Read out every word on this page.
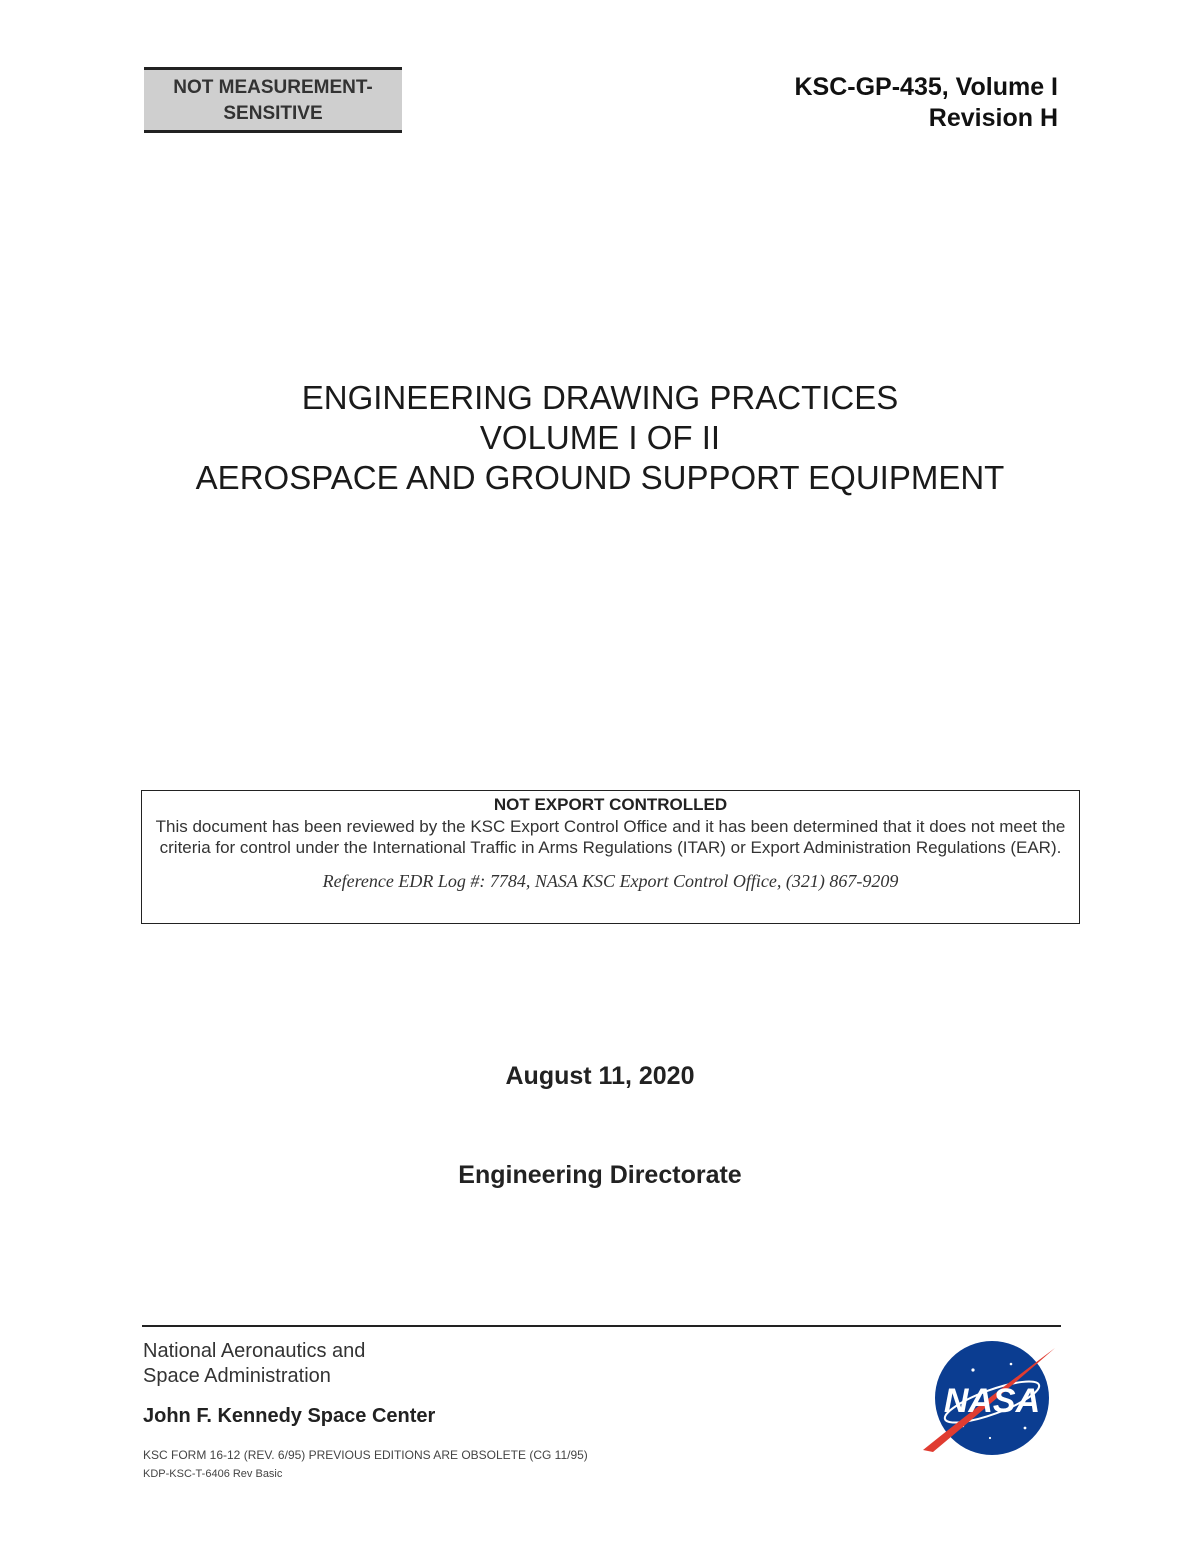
NOT MEASUREMENT-
SENSITIVE
KSC-GP-435, Volume I
Revision H
ENGINEERING DRAWING PRACTICES
VOLUME I OF II
AEROSPACE AND GROUND SUPPORT EQUIPMENT
NOT EXPORT CONTROLLED
This document has been reviewed by the KSC Export Control Office and it has been determined that it does not meet the criteria for control under the International Traffic in Arms Regulations (ITAR) or Export Administration Regulations (EAR).
Reference EDR Log #: 7784, NASA KSC Export Control Office, (321) 867-9209
August 11, 2020
Engineering Directorate
National Aeronautics and
Space Administration
John F. Kennedy Space Center
KSC FORM 16-12 (REV. 6/95) PREVIOUS EDITIONS ARE OBSOLETE (CG 11/95)
KDP-KSC-T-6406 Rev Basic
NASA
